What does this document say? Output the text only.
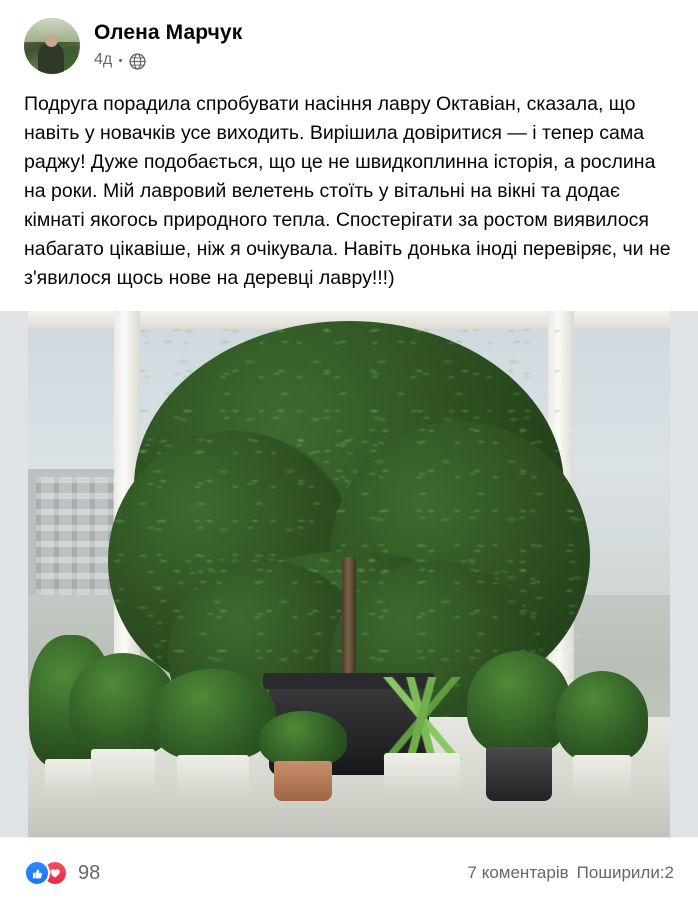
Олена Марчук
4д
Подруга порадила спробувати насіння лавру Октавіан, сказала, що навіть у новачків усе виходить. Вирішила довіритися — і тепер сама раджу! Дуже подобається, що це не швидкоплинна історія, а рослина на роки. Мій лавровий велетень стоїть у вітальні на вікні та додає кімнаті якогось природного тепла. Спостерігати за ростом виявилося набагато цікавіше, ніж я очікувала. Навіть донька іноді перевіряє, чи не з'явилося щось нове на деревці лавру!!!)
98	7 коментарів Поширили:2
